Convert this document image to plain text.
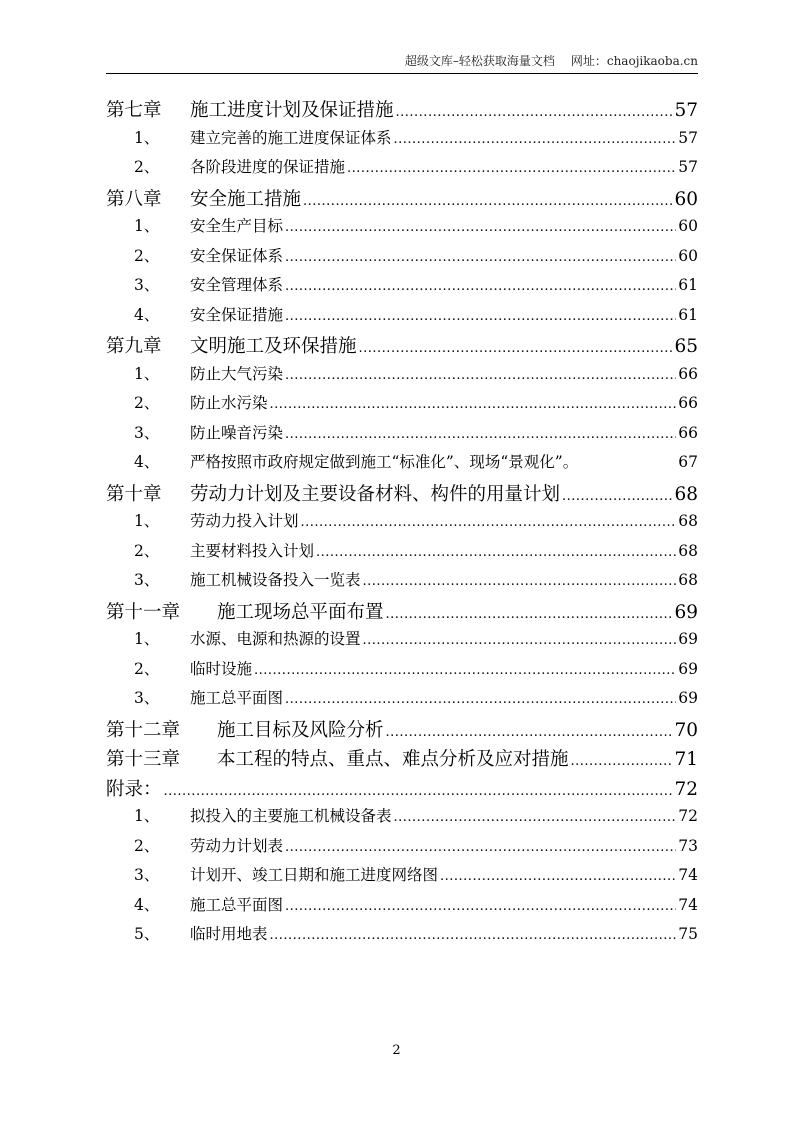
超级文库–轻松获取海量文档 网址：chaojikaoba.cn
第七章	施工进度计划及保证措施 .....	57
1、	建立完善的施工进度保证体系 .....	57
2、	各阶段进度的保证措施 .....	57
第八章	安全施工措施 .....	60
1、	安全生产目标 .....	60
2、	安全保证体系 .....	60
3、	安全管理体系 .....	61
4、	安全保证措施 .....	61
第九章	文明施工及环保措施 .....	65
1、	防止大气污染 .....	66
2、	防止水污染 .....	66
3、	防止噪音污染 .....	66
4、	严格按照市政府规定做到施工“标准化”、现场“景观化”。	67
第十章	劳动力计划及主要设备材料、构件的用量计划 .....	68
1、	劳动力投入计划 .....	68
2、	主要材料投入计划 .....	68
3、	施工机械设备投入一览表 .....	68
第十一章	施工现场总平面布置 .....	69
1、	水源、电源和热源的设置 .....	69
2、	临时设施 .....	69
3、	施工总平面图 .....	69
第十二章	施工目标及风险分析 .....	70
第十三章	本工程的特点、重点、难点分析及应对措施 .....	71
附录： .....	72
1、	拟投入的主要施工机械设备表 .....	72
2、	劳动力计划表 .....	73
3、	计划开、竣工日期和施工进度网络图 .....	74
4、	施工总平面图 .....	74
5、	临时用地表 .....	75
2
